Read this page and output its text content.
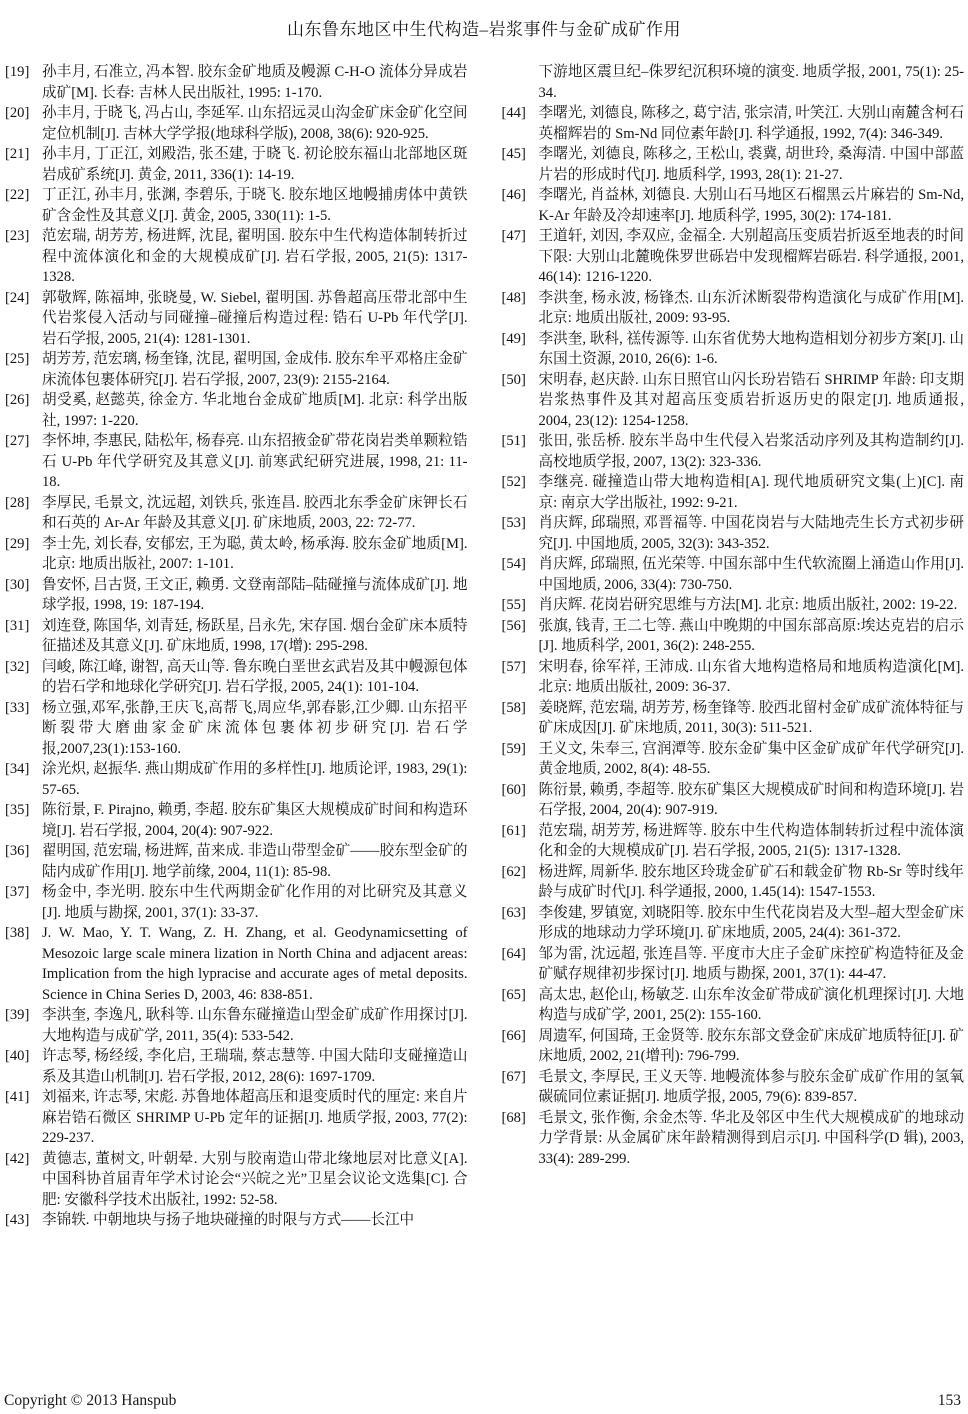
山东鲁东地区中生代构造–岩浆事件与金矿成矿作用
[19] 孙丰月, 石准立, 冯本智. 胶东金矿地质及幔源 C-H-O 流体分异成岩成矿[M]. 长春: 吉林人民出版社, 1995: 1-170.
[20] 孙丰月, 于晓飞, 冯占山, 李延军. 山东招远灵山沟金矿床金矿化空间定位机制[J]. 吉林大学学报(地球科学版), 2008, 38(6): 920-925.
[21] 孙丰月, 丁正江, 刘殿浩, 张丕建, 于晓飞. 初论胶东福山北部地区斑岩成矿系统[J]. 黄金, 2011, 336(1): 14-19.
[22] 丁正江, 孙丰月, 张渊, 李碧乐, 于晓飞. 胶东地区地幔捕虏体中黄铁矿含金性及其意义[J]. 黄金, 2005, 330(11): 1-5.
[23] 范宏瑞, 胡芳芳, 杨进辉, 沈昆, 翟明国. 胶东中生代构造体制转折过程中流体演化和金的大规模成矿[J]. 岩石学报, 2005, 21(5): 1317-1328.
[24] 郭敬辉, 陈福坤, 张晓曼, W. Siebel, 翟明国. 苏鲁超高压带北部中生代岩浆侵入活动与同碰撞–碰撞后构造过程: 锆石 U-Pb 年代学[J]. 岩石学报, 2005, 21(4): 1281-1301.
[25] 胡芳芳, 范宏璃, 杨奎锋, 沈昆, 翟明国, 金成伟. 胶东牟平邓格庄金矿床流体包裹体研究[J]. 岩石学报, 2007, 23(9): 2155-2164.
[26] 胡受奚, 赵懿英, 徐金方. 华北地台金成矿地质[M]. 北京: 科学出版社, 1997: 1-220.
[27] 李怀坤, 李惠民, 陆松年, 杨春亮. 山东招掖金矿带花岗岩类单颗粒锆石 U-Pb 年代学研究及其意义[J]. 前寒武纪研究进展, 1998, 21: 11-18.
[28] 李厚民, 毛景文, 沈远超, 刘铁兵, 张连昌. 胶西北东季金矿床钾长石和石英的 Ar-Ar 年龄及其意义[J]. 矿床地质, 2003, 22: 72-77.
[29] 李士先, 刘长春, 安郁宏, 王为聪, 黄太岭, 杨承海. 胶东金矿地质[M]. 北京: 地质出版社, 2007: 1-101.
[30] 鲁安怀, 吕古贤, 王文正, 赖勇. 文登南部陆–陆碰撞与流体成矿[J]. 地球学报, 1998, 19: 187-194.
[31] 刘连登, 陈国华, 刘青廷, 杨跃星, 吕永先, 宋存国. 烟台金矿床本质特征描述及其意义[J]. 矿床地质, 1998, 17(增): 295-298.
[32] 闫峻, 陈江峰, 谢智, 高天山等. 鲁东晚白垩世玄武岩及其中幔源包体的岩石学和地球化学研究[J]. 岩石学报, 2005, 24(1): 101-104.
[33] 杨立强,邓军,张静,王庆飞,高帮飞,周应华,郭春影,江少卿. 山东招平断裂带大磨曲家金矿床流体包裹体初步研究[J]. 岩石学报,2007,23(1):153-160.
[34] 涂光炽, 赵振华. 燕山期成矿作用的多样性[J]. 地质论评, 1983, 29(1): 57-65.
[35] 陈衍景, F. Pirajno, 赖勇, 李超. 胶东矿集区大规模成矿时间和构造环境[J]. 岩石学报, 2004, 20(4): 907-922.
[36] 翟明国, 范宏瑞, 杨进辉, 苗来成. 非造山带型金矿——胶东型金矿的陆内成矿作用[J]. 地学前缘, 2004, 11(1): 85-98.
[37] 杨金中, 李光明. 胶东中生代两期金矿化作用的对比研究及其意义[J]. 地质与勘探, 2001, 37(1): 33-37.
[38] J. W. Mao, Y. T. Wang, Z. H. Zhang, et al. Geodynamicsetting of Mesozoic large scale minera lization in North China and adjacent areas: Implication from the high lypracise and accurate ages of metal deposits. Science in China Series D, 2003, 46: 838-851.
[39] 李洪奎, 李逸凡, 耿科等. 山东鲁东碰撞造山型金矿成矿作用探讨[J]. 大地构造与成矿学, 2011, 35(4): 533-542.
[40] 许志琴, 杨经绥, 李化启, 王瑞瑞, 蔡志慧等. 中国大陆印支碰撞造山系及其造山机制[J]. 岩石学报, 2012, 28(6): 1697-1709.
[41] 刘福来, 许志琴, 宋彪. 苏鲁地体超高压和退变质时代的厘定: 来自片麻岩锆石微区 SHRIMP U-Pb 定年的证据[J]. 地质学报, 2003, 77(2): 229-237.
[42] 黄德志, 董树文, 叶朝晕. 大别与胶南造山带北缘地层对比意义[A]. 中国科协首届青年学术讨论会“兴皖之光”卫星会议论文选集[C]. 合肥: 安徽科学技术出版社, 1992: 52-58.
[43] 李锦轶. 中朝地块与扬子地块碰撞的时限与方式——长江中
下游地区震旦纪–侏罗纪沉积环境的演变. 地质学报, 2001, 75(1): 25-34.
[44] 李曙光, 刘德良, 陈移之, 葛宁洁, 张宗清, 叶笑江. 大别山南麓含柯石英榴辉岩的 Sm-Nd 同位素年龄[J]. 科学通报, 1992, 7(4): 346-349.
[45] 李曙光, 刘德良, 陈移之, 王松山, 裘冀, 胡世玲, 桑海清. 中国中部蓝片岩的形成时代[J]. 地质科学, 1993, 28(1): 21-27.
[46] 李曙光, 肖益林, 刘德良. 大别山石马地区石榴黑云片麻岩的 Sm-Nd, K-Ar 年龄及冷却速率[J]. 地质科学, 1995, 30(2): 174-181.
[47] 王道轩, 刘因, 李双应, 金福全. 大别超高压变质岩折返至地表的时间下限: 大别山北麓晚侏罗世砾岩中发现榴辉岩砾岩. 科学通报, 2001, 46(14): 1216-1220.
[48] 李洪奎, 杨永波, 杨锋杰. 山东沂沭断裂带构造演化与成矿作用[M]. 北京: 地质出版社, 2009: 93-95.
[49] 李洪奎, 耿科, 禚传源等. 山东省优势大地构造相划分初步方案[J]. 山东国土资源, 2010, 26(6): 1-6.
[50] 宋明春, 赵庆龄. 山东日照官山闪长玢岩锆石 SHRIMP 年龄: 印支期岩浆热事件及其对超高压变质岩折返历史的限定[J]. 地质通报, 2004, 23(12): 1254-1258.
[51] 张田, 张岳桥. 胶东半岛中生代侵入岩浆活动序列及其构造制约[J]. 高校地质学报, 2007, 13(2): 323-336.
[52] 李继亮. 碰撞造山带大地构造相[A]. 现代地质研究文集(上)[C]. 南京: 南京大学出版社, 1992: 9-21.
[53] 肖庆辉, 邱瑞照, 邓晋福等. 中国花岗岩与大陆地壳生长方式初步研究[J]. 中国地质, 2005, 32(3): 343-352.
[54] 肖庆辉, 邱瑞照, 伍光荣等. 中国东部中生代软流圈上涌造山作用[J]. 中国地质, 2006, 33(4): 730-750.
[55] 肖庆辉. 花岗岩研究思维与方法[M]. 北京: 地质出版社, 2002: 19-22.
[56] 张旗, 钱青, 王二七等. 燕山中晚期的中国东部高原:埃达克岩的启示[J]. 地质科学, 2001, 36(2): 248-255.
[57] 宋明春, 徐军祥, 王沛成. 山东省大地构造格局和地质构造演化[M]. 北京: 地质出版社, 2009: 36-37.
[58] 姜晓辉, 范宏瑞, 胡芳芳, 杨奎锋等. 胶西北留村金矿成矿流体特征与矿床成因[J]. 矿床地质, 2011, 30(3): 511-521.
[59] 王义文, 朱奉三, 宫润潭等. 胶东金矿集中区金矿成矿年代学研究[J]. 黄金地质, 2002, 8(4): 48-55.
[60] 陈衍景, 赖勇, 李超等. 胶东矿集区大规模成矿时间和构造环境[J]. 岩石学报, 2004, 20(4): 907-919.
[61] 范宏瑞, 胡芳芳, 杨进辉等. 胶东中生代构造体制转折过程中流体演化和金的大规模成矿[J]. 岩石学报, 2005, 21(5): 1317-1328.
[62] 杨进辉, 周新华. 胶东地区玲珑金矿矿石和载金矿物 Rb-Sr 等时线年龄与成矿时代[J]. 科学通报, 2000, 1.45(14): 1547-1553.
[63] 李俊建, 罗镇宽, 刘晓阳等. 胶东中生代花岗岩及大型–超大型金矿床形成的地球动力学环境[J]. 矿床地质, 2005, 24(4): 361-372.
[64] 邹为雷, 沈远超, 张连昌等. 平度市大庄子金矿床控矿构造特征及金矿赋存规律初步探讨[J]. 地质与勘探, 2001, 37(1): 44-47.
[65] 高太忠, 赵伦山, 杨敏芝. 山东牟汝金矿带成矿演化机理探讨[J]. 大地构造与成矿学, 2001, 25(2): 155-160.
[66] 周遗军, 何国琦, 王金贤等. 胶东东部文登金矿床成矿地质特征[J]. 矿床地质, 2002, 21(增刊): 796-799.
[67] 毛景文, 李厚民, 王义天等. 地幔流体参与胶东金矿成矿作用的氢氧碳硫同位素证据[J]. 地质学报, 2005, 79(6): 839-857.
[68] 毛景文, 张作衡, 余金杰等. 华北及邻区中生代大规模成矿的地球动力学背景: 从金属矿床年龄精测得到启示[J]. 中国科学(D 辑), 2003, 33(4): 289-299.
Copyright © 2013 Hanspub	153
